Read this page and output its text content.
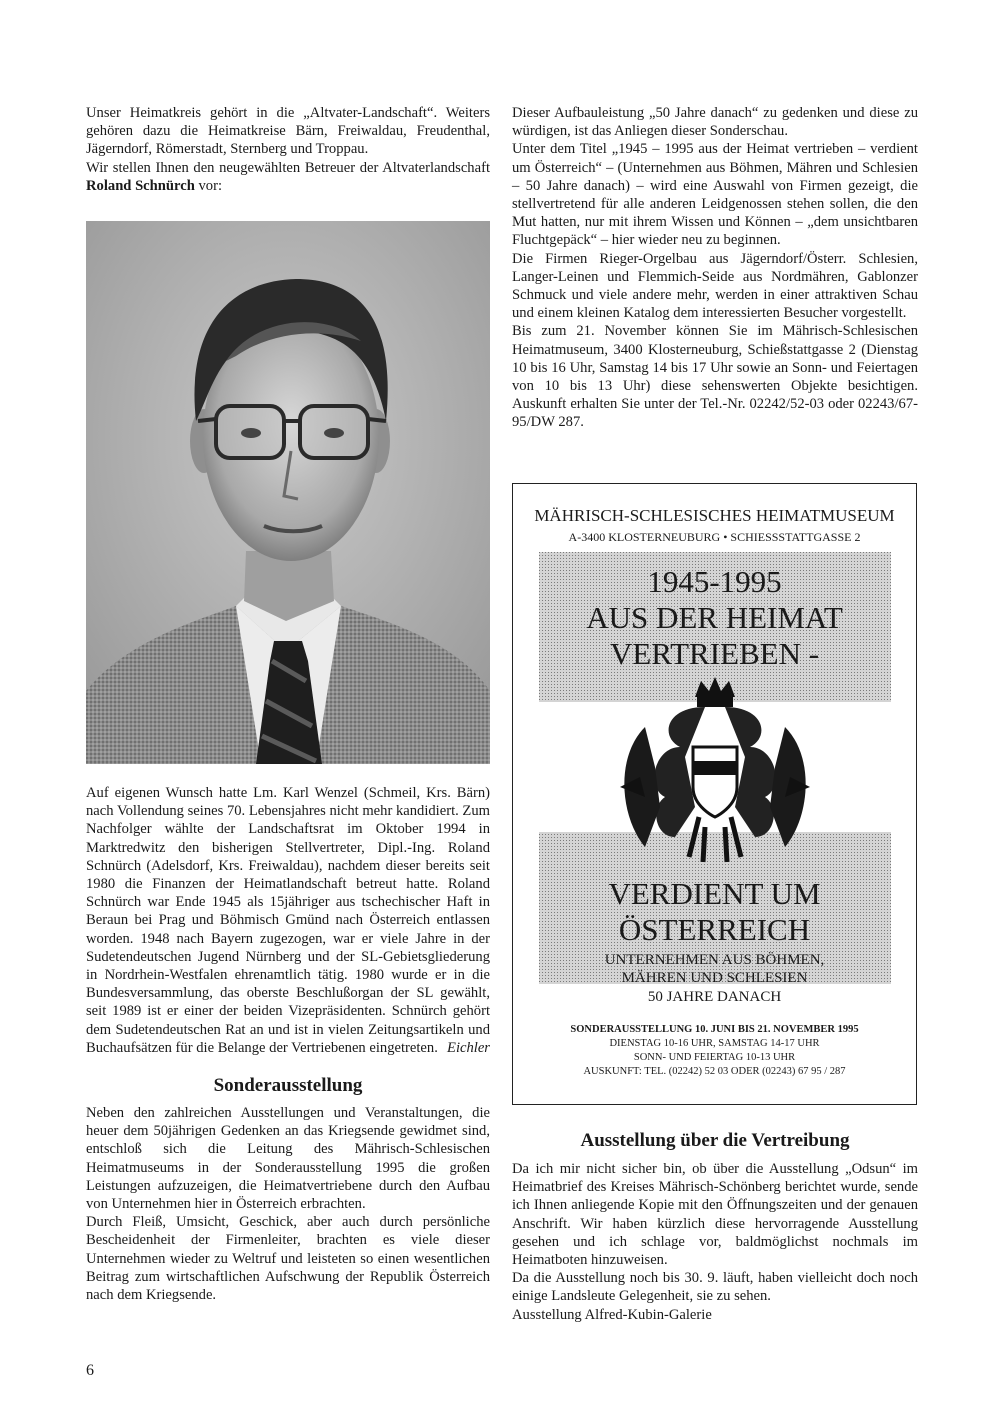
Unser Heimatkreis gehört in die „Altvater-Landschaft“. Weiters gehören dazu die Heimatkreise Bärn, Freiwaldau, Freudenthal, Jägerndorf, Römerstadt, Sternberg und Troppau.

Wir stellen Ihnen den neugewählten Betreuer der Altvaterlandschaft Roland Schnürch vor:

Auf eigenen Wunsch hatte Lm. Karl Wenzel (Schmeil, Krs. Bärn) nach Vollendung seines 70. Lebensjahres nicht mehr kandidiert. Zum Nachfolger wählte der Landschaftsrat im Oktober 1994 in Marktredwitz den bisherigen Stellvertreter, Dipl.-Ing. Roland Schnürch (Adelsdorf, Krs. Freiwaldau), nachdem dieser bereits seit 1980 die Finanzen der Heimatlandschaft betreut hatte. Roland Schnürch war Ende 1945 als 15jähriger aus tschechischer Haft in Beraun bei Prag und Böhmisch Gmünd nach Österreich entlassen worden. 1948 nach Bayern zugezogen, war er viele Jahre in der Sudetendeutschen Jugend Nürnberg und der SL-Gebietsgliederung in Nordrhein-Westfalen ehrenamtlich tätig. 1980 wurde er in die Bundesversammlung, das oberste Beschlußorgan der SL gewählt, seit 1989 ist er einer der beiden Vizepräsidenten. Schnürch gehört dem Sudetendeutschen Rat an und ist in vielen Zeitungsartikeln und Buchaufsätzen für die Belange der Vertriebenen eingetreten. Eichler

Sonderausstellung

Neben den zahlreichen Ausstellungen und Veranstaltungen, die heuer dem 50jährigen Gedenken an das Kriegsende gewidmet sind, entschloß sich die Leitung des Mährisch-Schlesischen Heimatmuseums in der Sonderausstellung 1995 die großen Leistungen aufzuzeigen, die Heimatvertriebene durch den Aufbau von Unternehmen hier in Österreich erbrachten.

Durch Fleiß, Umsicht, Geschick, aber auch durch persönliche Bescheidenheit der Firmenleiter, brachten es viele dieser Unternehmen wieder zu Weltruf und leisteten so einen wesentlichen Beitrag zum wirtschaftlichen Aufschwung der Republik Österreich nach dem Kriegsende.

Dieser Aufbauleistung „50 Jahre danach“ zu gedenken und diese zu würdigen, ist das Anliegen dieser Sonderschau.

Unter dem Titel „1945 – 1995 aus der Heimat vertrieben – verdient um Österreich“ – (Unternehmen aus Böhmen, Mähren und Schlesien – 50 Jahre danach) – wird eine Auswahl von Firmen gezeigt, die stellvertretend für alle anderen Leidgenossen stehen sollen, die den Mut hatten, nur mit ihrem Wissen und Können – „dem unsichtbaren Fluchtgepäck“ – hier wieder neu zu beginnen.

Die Firmen Rieger-Orgelbau aus Jägerndorf/Österr. Schlesien, Langer-Leinen und Flemmich-Seide aus Nordmähren, Gablonzer Schmuck und viele andere mehr, werden in einer attraktiven Schau und einem kleinen Katalog dem interessierten Besucher vorgestellt.

Bis zum 21. November können Sie im Mährisch-Schlesischen Heimatmuseum, 3400 Klosterneuburg, Schießstattgasse 2 (Dienstag 10 bis 16 Uhr, Samstag 14 bis 17 Uhr sowie an Sonn- und Feiertagen von 10 bis 13 Uhr) diese sehenswerten Objekte besichtigen. Auskunft erhalten Sie unter der Tel.-Nr. 02242/52-03 oder 02243/67-95/DW 287.

MÄHRISCH-SCHLESISCHES HEIMATMUSEUM
A-3400 KLOSTERNEUBURG • SCHIESSSTATTGASSE 2
1945-1995
AUS DER HEIMAT
VERTRIEBEN -
VERDIENT UM
ÖSTERREICH
UNTERNEHMEN AUS BÖHMEN,
MÄHREN UND SCHLESIEN
50 JAHRE DANACH
SONDERAUSSTELLUNG 10. JUNI BIS 21. NOVEMBER 1995
DIENSTAG 10-16 UHR, SAMSTAG 14-17 UHR
SONN- UND FEIERTAG 10-13 UHR
AUSKUNFT: TEL. (02242) 52 03 ODER (02243) 67 95 / 287
Ausstellung über die Vertreibung

Da ich mir nicht sicher bin, ob über die Ausstellung „Odsun“ im Heimatbrief des Kreises Mährisch-Schönberg berichtet wurde, sende ich Ihnen anliegende Kopie mit den Öffnungszeiten und der genauen Anschrift. Wir haben kürzlich diese hervorragende Ausstellung gesehen und ich schlage vor, baldmöglichst nochmals im Heimatboten hinzuweisen.

Da die Ausstellung noch bis 30. 9. läuft, haben vielleicht doch noch einige Landsleute Gelegenheit, sie zu sehen.

Ausstellung Alfred-Kubin-Galerie

6
